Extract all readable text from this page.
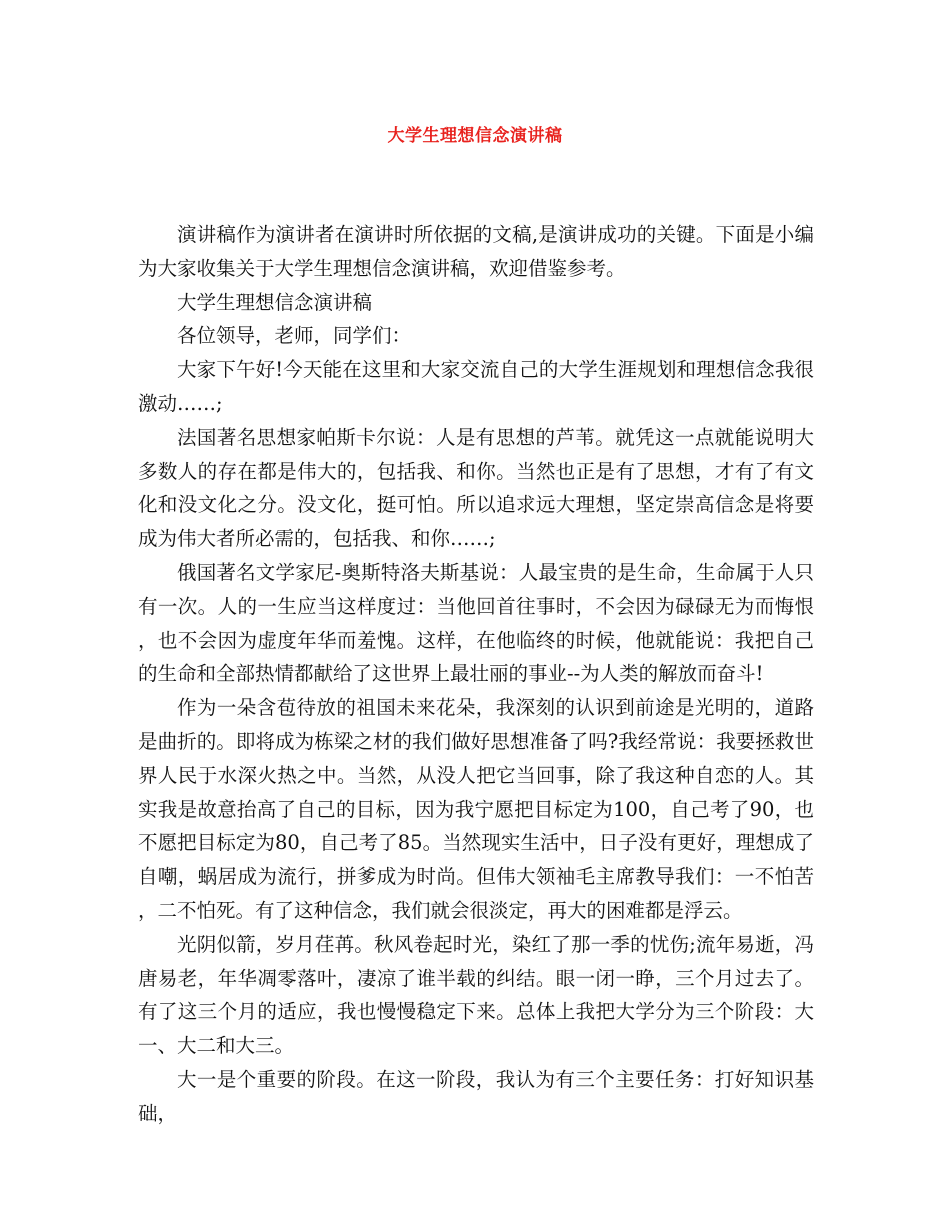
大学生理想信念演讲稿

演讲稿作为演讲者在演讲时所依据的文稿,是演讲成功的关键。下面是小编为大家收集关于大学生理想信念演讲稿，欢迎借鉴参考。

大学生理想信念演讲稿

各位领导，老师，同学们：

大家下午好!今天能在这里和大家交流自己的大学生涯规划和理想信念我很激动……;

法国著名思想家帕斯卡尔说：人是有思想的芦苇。就凭这一点就能说明大多数人的存在都是伟大的，包括我、和你。当然也正是有了思想，才有了有文化和没文化之分。没文化，挺可怕。所以追求远大理想，坚定崇高信念是将要成为伟大者所必需的，包括我、和你……;

俄国著名文学家尼-奥斯特洛夫斯基说：人最宝贵的是生命，生命属于人只有一次。人的一生应当这样度过：当他回首往事时，不会因为碌碌无为而悔恨，也不会因为虚度年华而羞愧。这样，在他临终的时候，他就能说：我把自己的生命和全部热情都献给了这世界上最壮丽的事业--为人类的解放而奋斗!

作为一朵含苞待放的祖国未来花朵，我深刻的认识到前途是光明的，道路是曲折的。即将成为栋梁之材的我们做好思想准备了吗?我经常说：我要拯救世界人民于水深火热之中。当然，从没人把它当回事，除了我这种自恋的人。其实我是故意抬高了自己的目标，因为我宁愿把目标定为100，自己考了90，也不愿把目标定为80，自己考了85。当然现实生活中，日子没有更好，理想成了自嘲，蜗居成为流行，拼爹成为时尚。但伟大领袖毛主席教导我们：一不怕苦，二不怕死。有了这种信念，我们就会很淡定，再大的困难都是浮云。

光阴似箭，岁月荏苒。秋风卷起时光，染红了那一季的忧伤;流年易逝，冯唐易老，年华凋零落叶，凄凉了谁半载的纠结。眼一闭一睁，三个月过去了。有了这三个月的适应，我也慢慢稳定下来。总体上我把大学分为三个阶段：大一、大二和大三。

大一是个重要的阶段。在这一阶段，我认为有三个主要任务：打好知识基础，
